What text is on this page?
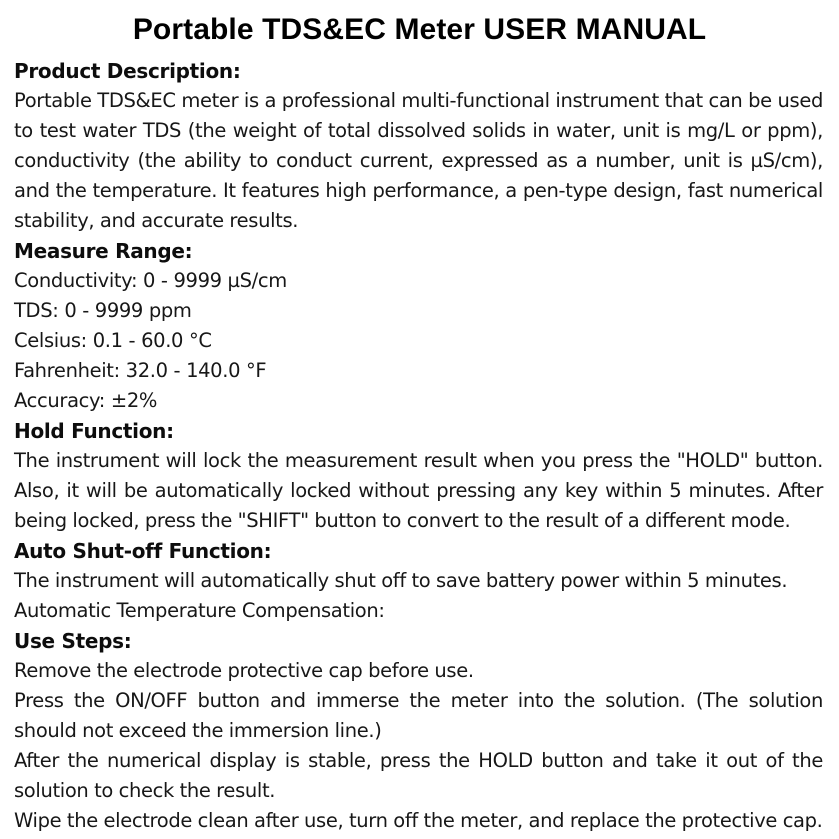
Portable TDS&EC Meter USER MANUAL
Product Description:

Portable TDS&EC meter is a professional multi-functional instrument that can be used to test water TDS (the weight of total dissolved solids in water, unit is mg/L or ppm), conductivity (the ability to conduct current, expressed as a number, unit is µS/cm), and the temperature. It features high performance, a pen-type design, fast numerical stability, and accurate results.

Measure Range:
Conductivity: 0 - 9999 µS/cm
TDS: 0 - 9999 ppm
Celsius: 0.1 - 60.0 °C
Fahrenheit: 32.0 - 140.0 °F
Accuracy: ±2%
Hold Function:

The instrument will lock the measurement result when you press the "HOLD" button. Also, it will be automatically locked without pressing any key within 5 minutes. After being locked, press the "SHIFT" button to convert to the result of a different mode.

Auto Shut-off Function:

The instrument will automatically shut off to save battery power within 5 minutes.

Automatic Temperature Compensation:

Use Steps:

Remove the electrode protective cap before use.

Press the ON/OFF button and immerse the meter into the solution. (The solution should not exceed the immersion line.)

After the numerical display is stable, press the HOLD button and take it out of the solution to check the result.

Wipe the electrode clean after use, turn off the meter, and replace the protective cap.
